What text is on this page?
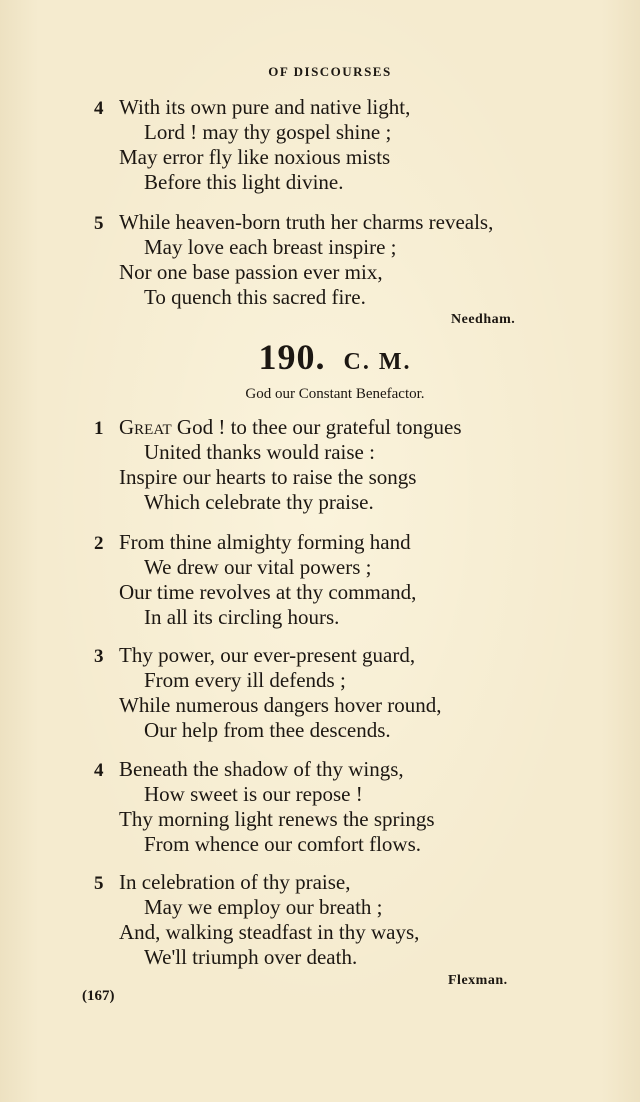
OF DISCOURSES
4 With its own pure and native light,
Lord ! may thy gospel shine ;
May error fly like noxious mists
Before this light divine.
5 While heaven-born truth her charms reveals,
May love each breast inspire ;
Nor one base passion ever mix,
To quench this sacred fire.
Needham.
190. C. M.
God our Constant Benefactor.
1 Great God ! to thee our grateful tongues
United thanks would raise :
Inspire our hearts to raise the songs
Which celebrate thy praise.
2 From thine almighty forming hand
We drew our vital powers ;
Our time revolves at thy command,
In all its circling hours.
3 Thy power, our ever-present guard,
From every ill defends ;
While numerous dangers hover round,
Our help from thee descends.
4 Beneath the shadow of thy wings,
How sweet is our repose !
Thy morning light renews the springs
From whence our comfort flows.
5 In celebration of thy praise,
May we employ our breath ;
And, walking steadfast in thy ways,
We'll triumph over death.
Flexman.
(167)
